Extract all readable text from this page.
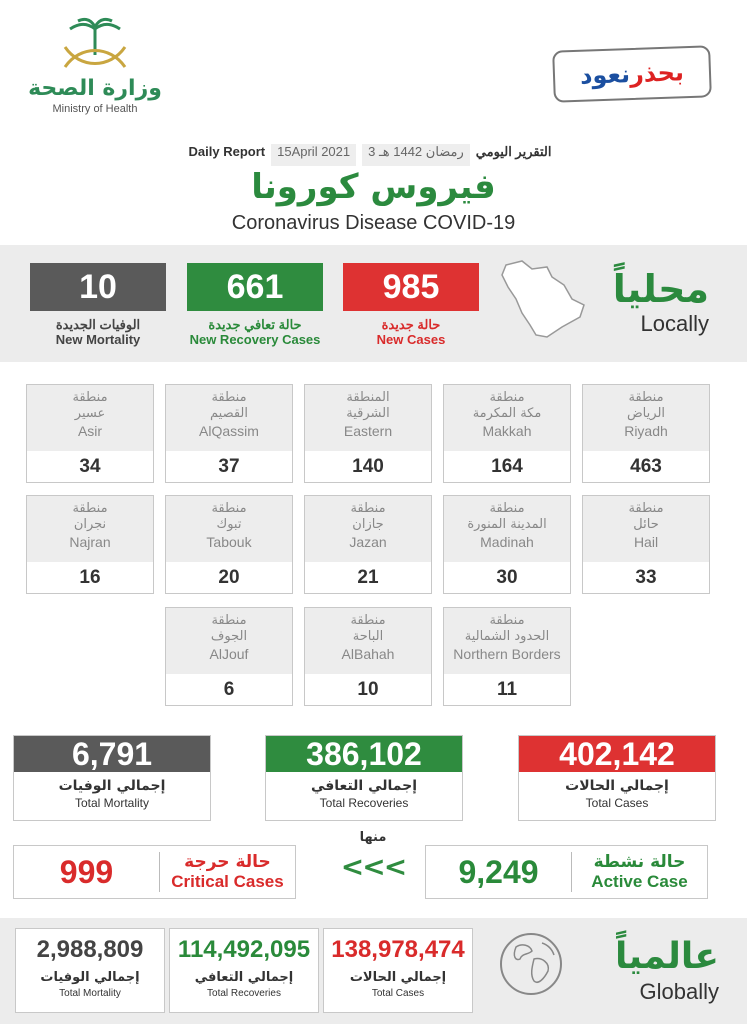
وزارة الصحة
Ministry of Health
نعود بحذر
Daily Report 15April 2021	3 رمضان 1442 هـ التقرير اليومي
فيروس كورونا
Coronavirus Disease COVID-19
محلياً
Locally
985
حالة جديدة
New Cases
661
حالة تعافي جديدة
New Recovery Cases
10
الوفيات الجديدة
New Mortality
منطقة
الرياض
Riyadh
463
منطقة
مكة المكرمة
Makkah
164
المنطقة
الشرقية
Eastern
140
منطقة
القصيم
AlQassim
37
منطقة
عسير
Asir
34
منطقة
حائل
Hail
33
منطقة
المدينة المنورة
Madinah
30
منطقة
جازان
Jazan
21
منطقة
تبوك
Tabouk
20
منطقة
نجران
Najran
16
منطقة
الحدود الشمالية
Northern Borders
11
منطقة
الباحة
AlBahah
10
منطقة
الجوف
AlJouf
6
402,142
إجمالي الحالات
Total Cases
386,102
إجمالي التعافي
Total Recoveries
6,791
إجمالي الوفيات
Total Mortality
9,249	حالة نشطة
Active Case
منها
<<<
999	حالة حرجة
Critical Cases
138,978,474
إجمالي الحالات
Total Cases
114,492,095
إجمالي التعافي
Total Recoveries
2,988,809
إجمالي الوفيات
Total Mortality
عالمياً
Globally
